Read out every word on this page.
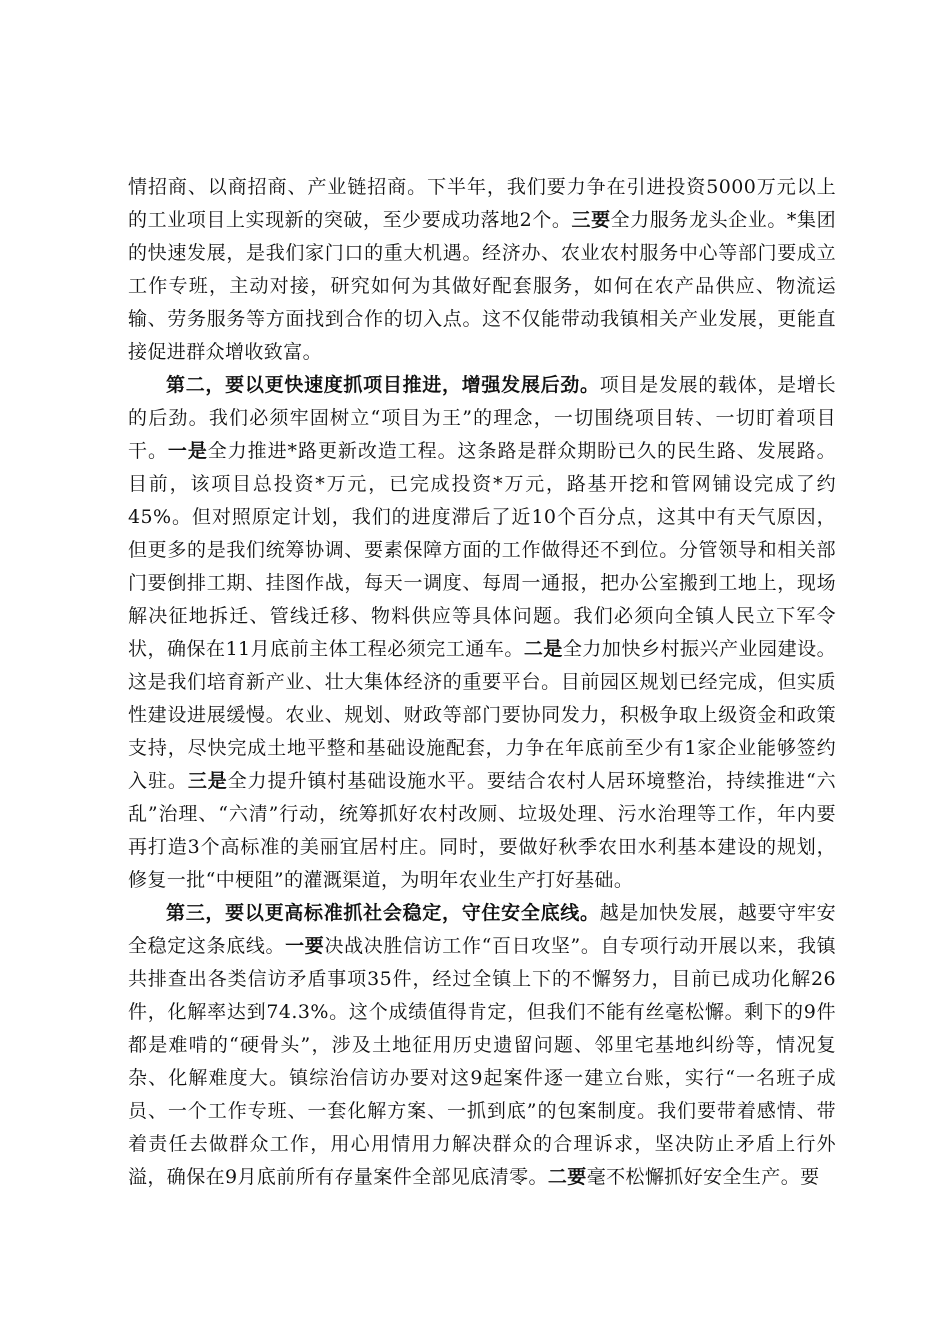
情招商、以商招商、产业链招商。下半年，我们要力争在引进投资5000万元以上的工业项目上实现新的突破，至少要成功落地2个。三要全力服务龙头企业。*集团的快速发展，是我们家门口的重大机遇。经济办、农业农村服务中心等部门要成立工作专班，主动对接，研究如何为其做好配套服务，如何在农产品供应、物流运输、劳务服务等方面找到合作的切入点。这不仅能带动我镇相关产业发展，更能直接促进群众增收致富。

第二，要以更快速度抓项目推进，增强发展后劲。项目是发展的载体，是增长的后劲。我们必须牢固树立“项目为王”的理念，一切围绕项目转、一切盯着项目干。一是全力推进*路更新改造工程。这条路是群众期盼已久的民生路、发展路。目前，该项目总投资*万元，已完成投资*万元，路基开挖和管网铺设完成了约45%。但对照原定计划，我们的进度滞后了近10个百分点，这其中有天气原因，但更多的是我们统筹协调、要素保障方面的工作做得还不到位。分管领导和相关部门要倒排工期、挂图作战，每天一调度、每周一通报，把办公室搬到工地上，现场解决征地拆迁、管线迁移、物料供应等具体问题。我们必须向全镇人民立下军令状，确保在11月底前主体工程必须完工通车。二是全力加快乡村振兴产业园建设。这是我们培育新产业、壮大集体经济的重要平台。目前园区规划已经完成，但实质性建设进展缓慢。农业、规划、财政等部门要协同发力，积极争取上级资金和政策支持，尽快完成土地平整和基础设施配套，力争在年底前至少有1家企业能够签约入驻。三是全力提升镇村基础设施水平。要结合农村人居环境整治，持续推进“六乱”治理、“六清”行动，统筹抓好农村改厕、垃圾处理、污水治理等工作，年内要再打造3个高标准的美丽宜居村庄。同时，要做好秋季农田水利基本建设的规划，修复一批“中梗阻”的灌溉渠道，为明年农业生产打好基础。

第三，要以更高标准抓社会稳定，守住安全底线。越是加快发展，越要守牢安全稳定这条底线。一要决战决胜信访工作“百日攻坚”。自专项行动开展以来，我镇共排查出各类信访矛盾事项35件，经过全镇上下的不懈努力，目前已成功化解26件，化解率达到74.3%。这个成绩值得肯定，但我们不能有丝毫松懈。剩下的9件都是难啃的“硬骨头”，涉及土地征用历史遗留问题、邻里宅基地纠纷等，情况复杂、化解难度大。镇综治信访办要对这9起案件逐一建立台账，实行“一名班子成员、一个工作专班、一套化解方案、一抓到底”的包案制度。我们要带着感情、带着责任去做群众工作，用心用情用力解决群众的合理诉求，坚决防止矛盾上行外溢，确保在9月底前所有存量案件全部见底清零。二要毫不松懈抓好安全生产。要
